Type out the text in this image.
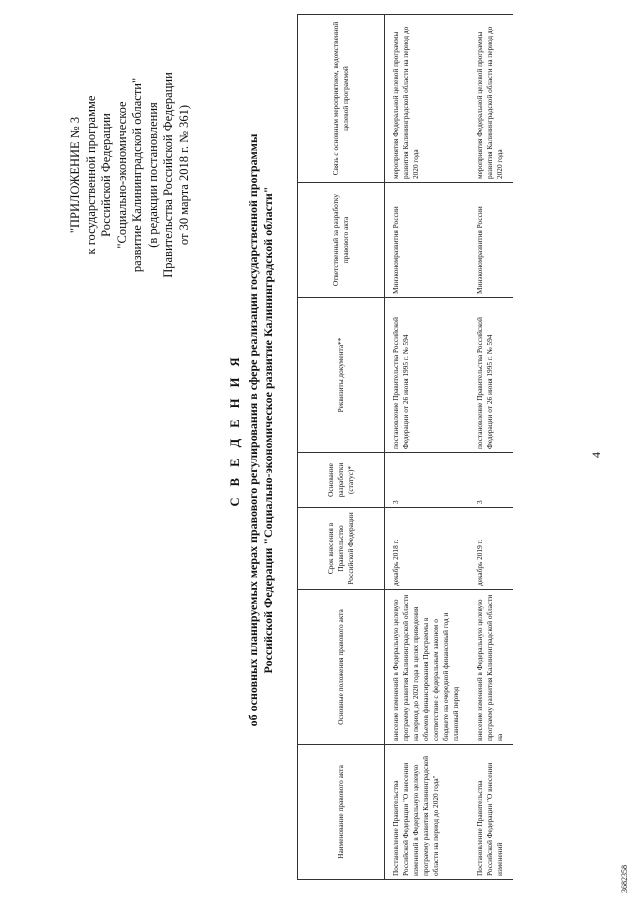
4
"ПРИЛОЖЕНИЕ № 3 к государственной программе Российской Федерации "Социально-экономическое развитие Калининградской области" (в редакции постановления Правительства Российской Федерации от 30 марта 2018 г. № 361)
С В Е Д Е Н И Я об основных планируемых мерах правового регулирования в сфере реализации государственной программы Российской Федерации "Социально-экономическое развитие Калининградской области"
Наименование правового акта	Основные положения правового акта	Срок внесения в Правительство Российской Федерации	Основание разработки (статус)*	Реквизиты документа**	Ответственный за разработку правового акта	Связь с основным мероприятием, ведомственной целевой программой
Постановление Правительства Российской Федерации "О внесении изменений в Федеральную целевую программу развития Калининградской области на период до 2020 года"	внесение изменений в Федеральную целевую программу развития Калининградской области на период до 2020 года в целях приведения объемов финансирования Программы в соответствие с федеральным законом о бюджете на очередной финансовый год и плановый период	декабрь 2018 г.	3	постановление Правительства Российской Федерации от 26 июня 1995 г. № 594	Минэкономразвития России	мероприятия Федеральной целевой программы развития Калининградской области на период до 2020 года
Постановление Правительства Российской Федерации "О внесении изменений	внесение изменений в Федеральную целевую программу развития Калининградской области на	декабрь 2019 г.	3	постановление Правительства Российской Федерации от 26 июня 1995 г. № 594	Минэкономразвития России	мероприятия Федеральной целевой программы развития Калининградской области на период до 2020 года
3682358
